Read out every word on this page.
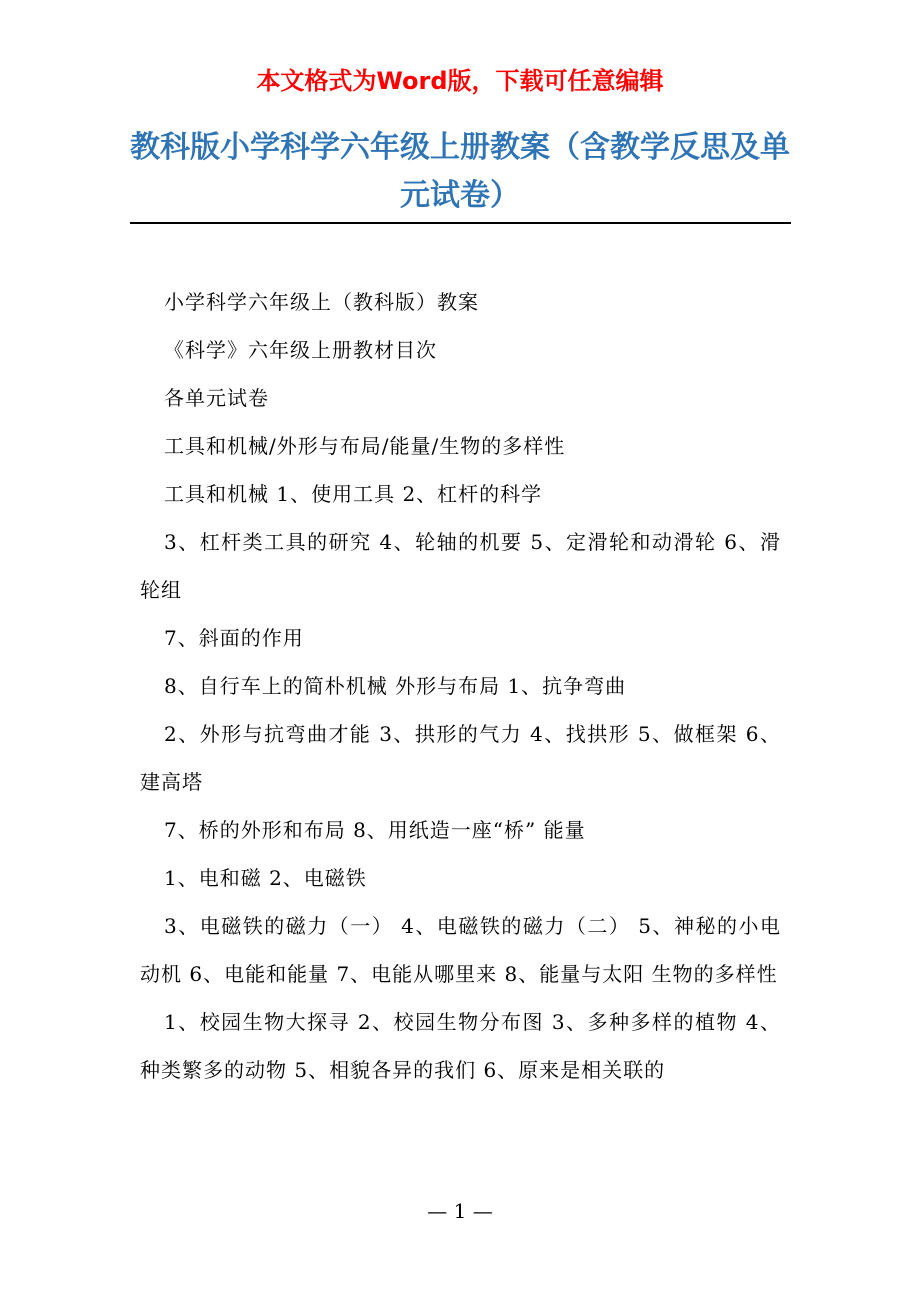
本文格式为Word版，下载可任意编辑
教科版小学科学六年级上册教案（含教学反思及单元试卷）

小学科学六年级上（教科版）教案

《科学》六年级上册教材目次

各单元试卷

工具和机械/外形与布局/能量/生物的多样性

工具和机械 1、使用工具 2、杠杆的科学

3、杠杆类工具的研究 4、轮轴的机要 5、定滑轮和动滑轮 6、滑轮组

7、斜面的作用

8、自行车上的简朴机械 外形与布局 1、抗争弯曲

2、外形与抗弯曲才能 3、拱形的气力 4、找拱形 5、做框架 6、建高塔

7、桥的外形和布局 8、用纸造一座“桥” 能量

1、电和磁 2、电磁铁

3、电磁铁的磁力（一） 4、电磁铁的磁力（二） 5、神秘的小电动机 6、电能和能量 7、电能从哪里来 8、能量与太阳 生物的多样性

1、校园生物大探寻 2、校园生物分布图 3、多种多样的植物 4、种类繁多的动物 5、相貌各异的我们 6、原来是相关联的

— 1 —
